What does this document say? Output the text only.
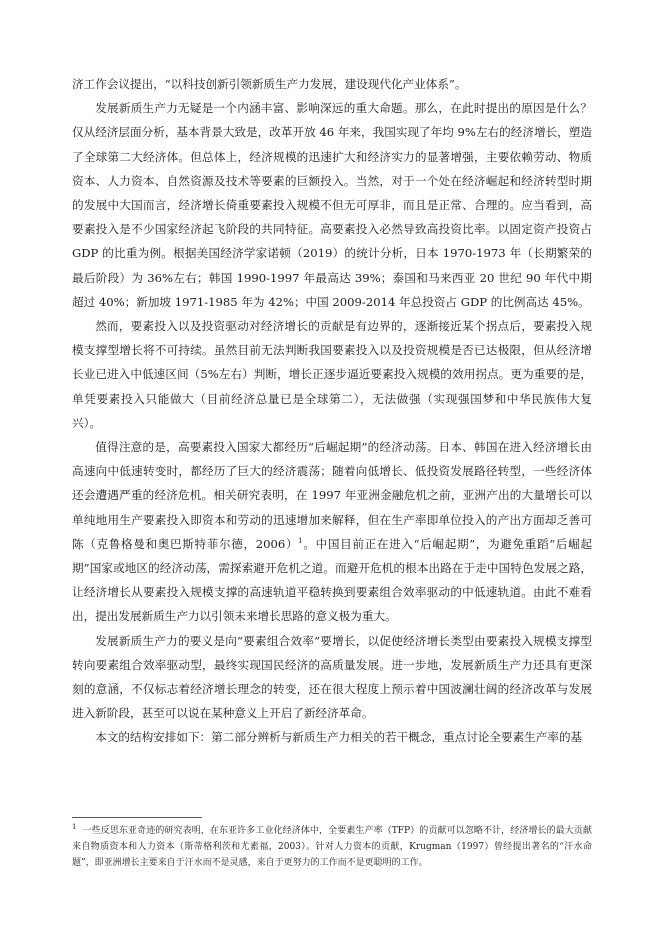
济工作会议提出，“以科技创新引领新质生产力发展，建设现代化产业体系”。

发展新质生产力无疑是一个内涵丰富、影响深远的重大命题。那么，在此时提出的原因是什么？仅从经济层面分析，基本背景大致是，改革开放 46 年来，我国实现了年均 9%左右的经济增长，塑造了全球第二大经济体。但总体上，经济规模的迅速扩大和经济实力的显著增强，主要依赖劳动、物质资本、人力资本、自然资源及技术等要素的巨额投入。当然，对于一个处在经济崛起和经济转型时期的发展中大国而言，经济增长倚重要素投入规模不但无可厚非，而且是正常、合理的。应当看到，高要素投入是不少国家经济起飞阶段的共同特征。高要素投入必然导致高投资比率。以固定资产投资占 GDP 的比重为例。根据美国经济学家诺顿（2019）的统计分析，日本 1970-1973 年（长期繁荣的最后阶段）为 36%左右；韩国 1990-1997 年最高达 39%；泰国和马来西亚 20 世纪 90 年代中期超过 40%；新加坡 1971-1985 年为 42%；中国 2009-2014 年总投资占 GDP 的比例高达 45%。

然而，要素投入以及投资驱动对经济增长的贡献是有边界的，逐渐接近某个拐点后，要素投入规模支撑型增长将不可持续。虽然目前无法判断我国要素投入以及投资规模是否已达极限，但从经济增长业已进入中低速区间（5%左右）判断，增长正逐步逼近要素投入规模的效用拐点。更为重要的是，单凭要素投入只能做大（目前经济总量已是全球第二），无法做强（实现强国梦和中华民族伟大复兴）。

值得注意的是，高要素投入国家大都经历“后崛起期”的经济动荡。日本、韩国在进入经济增长由高速向中低速转变时，都经历了巨大的经济震荡；随着向低增长、低投资发展路径转型，一些经济体还会遭遇严重的经济危机。相关研究表明，在 1997 年亚洲金融危机之前，亚洲产出的大量增长可以单纯地用生产要素投入即资本和劳动的迅速增加来解释，但在生产率即单位投入的产出方面却乏善可陈（克鲁格曼和奥巴斯特菲尔德，2006）$^1$。中国目前正在进入“后崛起期”，为避免重蹈“后崛起期”国家或地区的经济动荡，需探索避开危机之道。而避开危机的根本出路在于走中国特色发展之路，让经济增长从要素投入规模支撑的高速轨道平稳转换到要素组合效率驱动的中低速轨道。由此不难看出，提出发展新质生产力以引领未来增长思路的意义极为重大。

发展新质生产力的要义是向“要素组合效率”要增长，以促使经济增长类型由要素投入规模支撑型转向要素组合效率驱动型，最终实现国民经济的高质量发展。进一步地，发展新质生产力还具有更深刻的意涵，不仅标志着经济增长理念的转变，还在很大程度上预示着中国波澜壮阔的经济改革与发展进入新阶段，甚至可以说在某种意义上开启了新经济革命。

本文的结构安排如下：第二部分辨析与新质生产力相关的若干概念，重点讨论全要素生产率的基

$^1$ 一些反思东亚奇迹的研究表明，在东亚许多工业化经济体中，全要素生产率（TFP）的贡献可以忽略不计，经济增长的最大贡献来自物质资本和人力资本（斯蒂格利茨和尤素福，2003）。针对人力资本的贡献，Krugman（1997）曾经提出著名的“汗水命题”，即亚洲增长主要来自于汗水而不是灵感，来自于更努力的工作而不是更聪明的工作。
